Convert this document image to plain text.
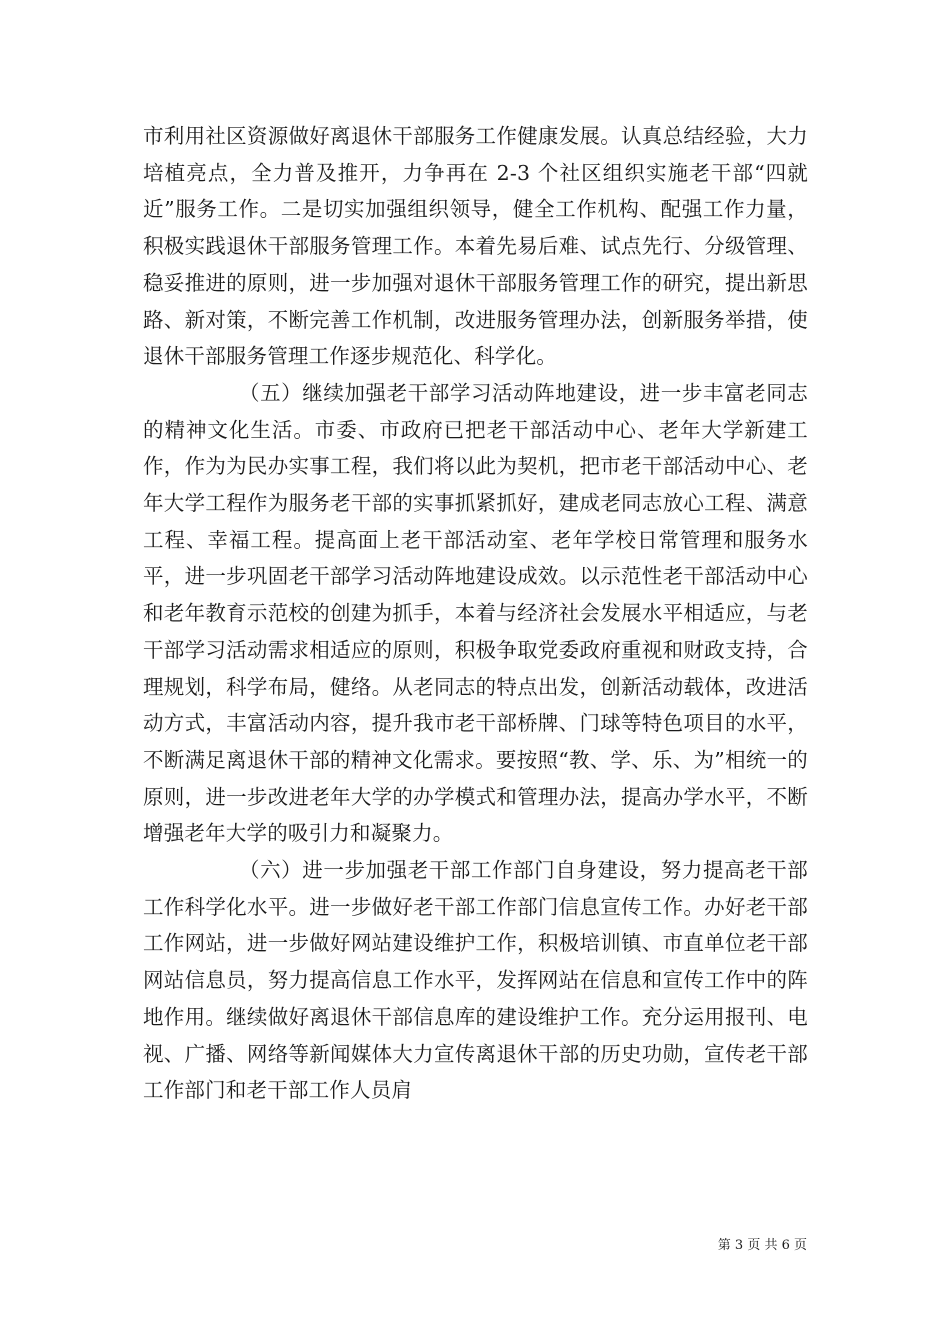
市利用社区资源做好离退休干部服务工作健康发展。认真总结经验，大力培植亮点，全力普及推开，力争再在 2-3 个社区组织实施老干部“四就近”服务工作。二是切实加强组织领导，健全工作机构、配强工作力量，积极实践退休干部服务管理工作。本着先易后难、试点先行、分级管理、稳妥推进的原则，进一步加强对退休干部服务管理工作的研究，提出新思路、新对策，不断完善工作机制，改进服务管理办法，创新服务举措，使退休干部服务管理工作逐步规范化、科学化。

（五）继续加强老干部学习活动阵地建设，进一步丰富老同志的精神文化生活。市委、市政府已把老干部活动中心、老年大学新建工作，作为为民办实事工程，我们将以此为契机，把市老干部活动中心、老年大学工程作为服务老干部的实事抓紧抓好，建成老同志放心工程、满意工程、幸福工程。提高面上老干部活动室、老年学校日常管理和服务水平，进一步巩固老干部学习活动阵地建设成效。以示范性老干部活动中心和老年教育示范校的创建为抓手，本着与经济社会发展水平相适应，与老干部学习活动需求相适应的原则，积极争取党委政府重视和财政支持，合理规划，科学布局，健络。从老同志的特点出发，创新活动载体，改进活动方式，丰富活动内容，提升我市老干部桥牌、门球等特色项目的水平，不断满足离退休干部的精神文化需求。要按照“教、学、乐、为”相统一的原则，进一步改进老年大学的办学模式和管理办法，提高办学水平，不断增强老年大学的吸引力和凝聚力。

（六）进一步加强老干部工作部门自身建设，努力提高老干部工作科学化水平。进一步做好老干部工作部门信息宣传工作。办好老干部工作网站，进一步做好网站建设维护工作，积极培训镇、市直单位老干部网站信息员，努力提高信息工作水平，发挥网站在信息和宣传工作中的阵地作用。继续做好离退休干部信息库的建设维护工作。充分运用报刊、电视、广播、网络等新闻媒体大力宣传离退休干部的历史功勋，宣传老干部工作部门和老干部工作人员肩

第 3 页 共 6 页
